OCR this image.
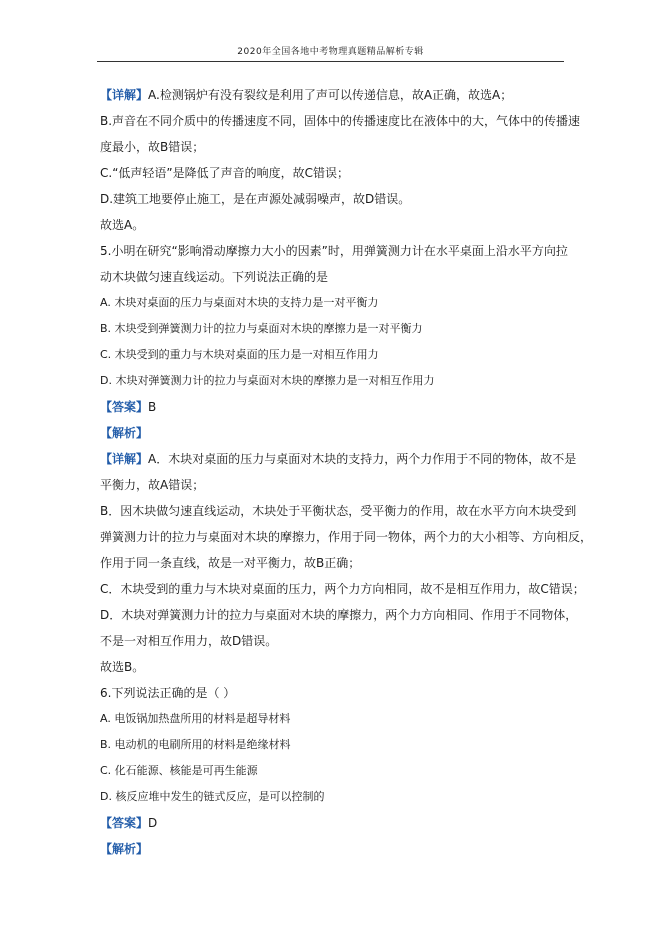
2020年全国各地中考物理真题精品解析专辑
【详解】A.检测锅炉有没有裂纹是利用了声可以传递信息，故A正确，故选A；
B.声音在不同介质中的传播速度不同，固体中的传播速度比在液体中的大，气体中的传播速
度最小，故B错误；
C.“低声轻语”是降低了声音的响度，故C错误；
D.建筑工地要停止施工，是在声源处减弱噪声，故D错误。
故选A。
5.小明在研究“影响滑动摩擦力大小的因素”时，用弹簧测力计在水平桌面上沿水平方向拉
动木块做匀速直线运动。下列说法正确的是
A. 木块对桌面的压力与桌面对木块的支持力是一对平衡力
B. 木块受到弹簧测力计的拉力与桌面对木块的摩擦力是一对平衡力
C. 木块受到的重力与木块对桌面的压力是一对相互作用力
D. 木块对弹簧测力计的拉力与桌面对木块的摩擦力是一对相互作用力
【答案】B
【解析】
【详解】A．木块对桌面的压力与桌面对木块的支持力，两个力作用于不同的物体，故不是
平衡力，故A错误；
B．因木块做匀速直线运动，木块处于平衡状态，受平衡力的作用，故在水平方向木块受到
弹簧测力计的拉力与桌面对木块的摩擦力，作用于同一物体，两个力的大小相等、方向相反，
作用于同一条直线，故是一对平衡力，故B正确；
C．木块受到的重力与木块对桌面的压力，两个力方向相同，故不是相互作用力，故C错误；
D．木块对弹簧测力计的拉力与桌面对木块的摩擦力，两个力方向相同、作用于不同物体，
不是一对相互作用力，故D错误。
故选B。
6.下列说法正确的是（ ）
A. 电饭锅加热盘所用的材料是超导材料
B. 电动机的电刷所用的材料是绝缘材料
C. 化石能源、核能是可再生能源
D. 核反应堆中发生的链式反应，是可以控制的
【答案】D
【解析】
